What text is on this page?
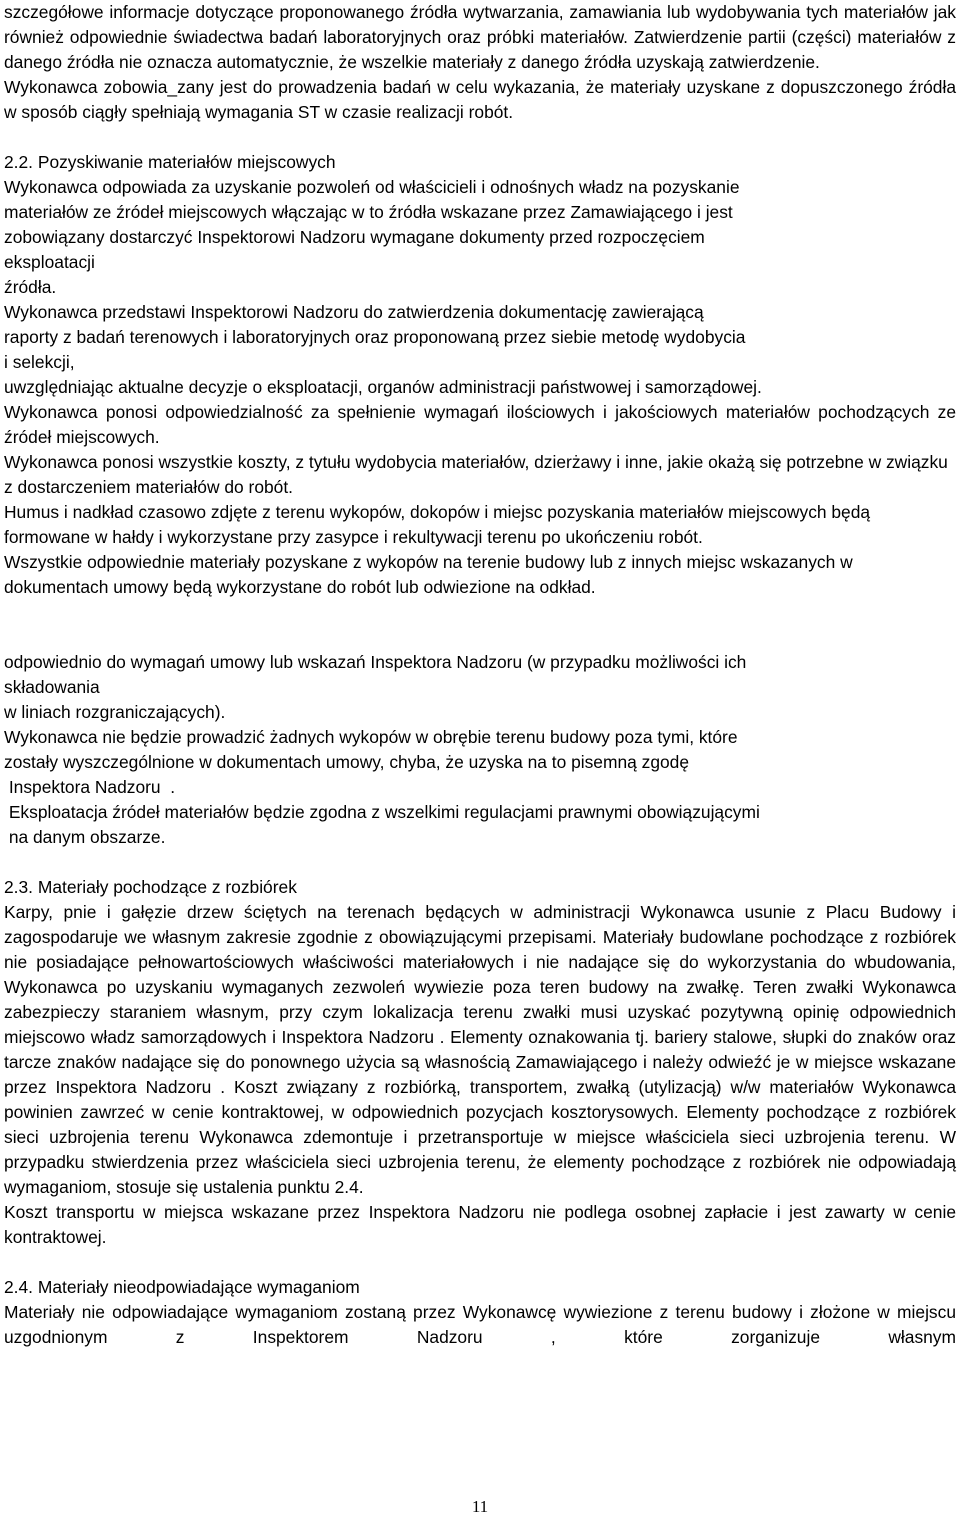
szczegółowe informacje dotyczące proponowanego źródła wytwarzania, zamawiania lub wydobywania tych materiałów jak również odpowiednie świadectwa badań laboratoryjnych oraz próbki materiałów. Zatwierdzenie partii (części) materiałów z danego źródła nie oznacza automatycznie, że wszelkie materiały z danego źródła uzyskają zatwierdzenie.
Wykonawca zobowia_zany jest do prowadzenia badań w celu wykazania, że materiały uzyskane z dopuszczonego źródła w sposób ciągły spełniają wymagania ST w czasie realizacji robót.
2.2. Pozyskiwanie materiałów miejscowych
Wykonawca odpowiada za uzyskanie pozwoleń od właścicieli i odnośnych władz na pozyskanie
materiałów ze źródeł miejscowych włączając w to źródła wskazane przez Zamawiającego i jest
zobowiązany dostarczyć Inspektorowi Nadzoru wymagane dokumenty przed rozpoczęciem
eksploatacji
źródła.
Wykonawca przedstawi Inspektorowi Nadzoru do zatwierdzenia dokumentację zawierającą
raporty z badań terenowych i laboratoryjnych oraz proponowaną przez siebie metodę wydobycia
i selekcji,
uwzględniając aktualne decyzje o eksploatacji, organów administracji państwowej i samorządowej.
Wykonawca ponosi odpowiedzialność za spełnienie wymagań ilościowych i jakościowych materiałów pochodzących ze źródeł miejscowych.
Wykonawca ponosi wszystkie koszty, z tytułu wydobycia materiałów, dzierżawy i inne, jakie okażą się potrzebne w związku z dostarczeniem materiałów do robót.
Humus i nadkład czasowo zdjęte z terenu wykopów, dokopów i miejsc pozyskania materiałów miejscowych będą formowane w hałdy i wykorzystane przy zasypce i rekultywacji terenu po ukończeniu robót.
Wszystkie odpowiednie materiały pozyskane z wykopów na terenie budowy lub z innych miejsc wskazanych w dokumentach umowy będą wykorzystane do robót lub odwiezione na odkład.
odpowiednio do wymagań umowy lub wskazań Inspektora Nadzoru (w przypadku możliwości ich
składowania
w liniach rozgraniczających).
Wykonawca nie będzie prowadzić żadnych wykopów w obrębie terenu budowy poza tymi, które
zostały wyszczególnione w dokumentach umowy, chyba, że uzyska na to pisemną zgodę
Inspektora Nadzoru  .
Eksploatacja źródeł materiałów będzie zgodna z wszelkimi regulacjami prawnymi obowiązującymi
na danym obszarze.
2.3. Materiały pochodzące z rozbiórek
Karpy, pnie i gałęzie drzew ściętych na terenach będących w administracji Wykonawca usunie z Placu Budowy i zagospodaruje we własnym zakresie zgodnie z obowiązującymi przepisami. Materiały budowlane pochodzące z rozbiórek nie posiadające pełnowartościowych właściwości materiałowych i nie nadające się do wykorzystania do wbudowania, Wykonawca po uzyskaniu wymaganych zezwoleń wywiezie poza teren budowy na zwałkę. Teren zwałki Wykonawca zabezpieczy staraniem własnym, przy czym lokalizacja terenu zwałki musi uzyskać pozytywną opinię odpowiednich miejscowo władz samorządowych i Inspektora Nadzoru . Elementy oznakowania tj. bariery stalowe, słupki do znaków oraz tarcze znaków nadające się do ponownego użycia są własnością Zamawiającego i należy odwieźć je w miejsce wskazane przez Inspektora Nadzoru . Koszt związany z rozbiórką, transportem, zwałką (utylizacją) w/w materiałów Wykonawca powinien zawrzeć w cenie kontraktowej, w odpowiednich pozycjach kosztorysowych. Elementy pochodzące z rozbiórek sieci uzbrojenia terenu Wykonawca zdemontuje i przetransportuje w miejsce właściciela sieci uzbrojenia terenu. W przypadku stwierdzenia przez właściciela sieci uzbrojenia terenu, że elementy pochodzące z rozbiórek nie odpowiadają wymaganiom, stosuje się ustalenia punktu 2.4.
Koszt transportu w miejsca wskazane przez Inspektora Nadzoru nie podlega osobnej zapłacie i jest zawarty w cenie kontraktowej.
2.4. Materiały nieodpowiadające wymaganiom
Materiały nie odpowiadające wymaganiom zostaną przez Wykonawcę wywiezione z terenu budowy i złożone w miejscu uzgodnionym z Inspektorem Nadzoru , które zorganizuje własnym
11
